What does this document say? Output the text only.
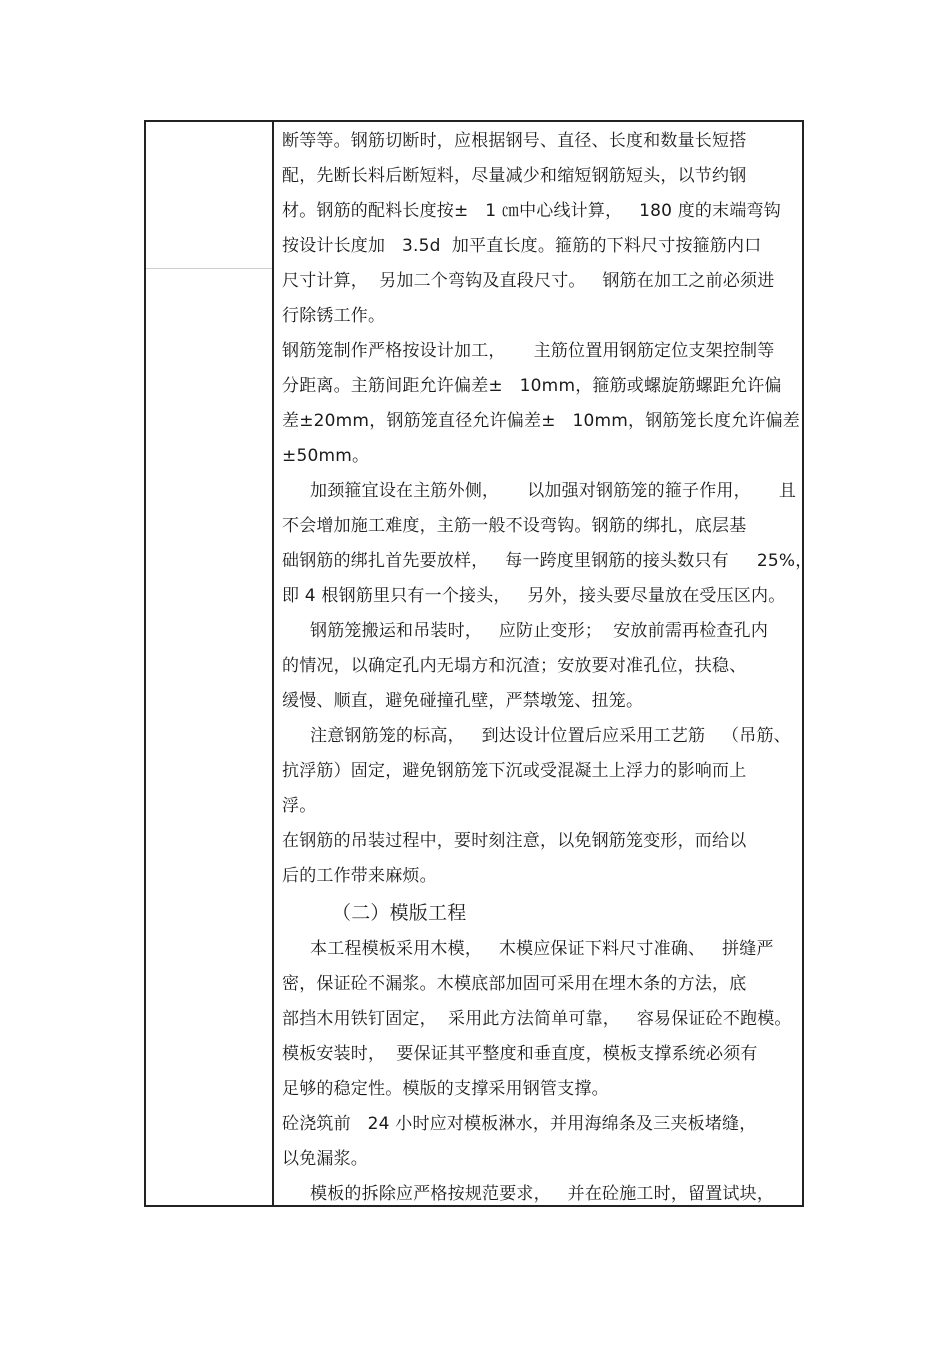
断等等。钢筋切断时，应根据钢号、直径、长度和数量长短搭
配，先断长料后断短料，尽量减少和缩短钢筋短头，以节约钢
材。钢筋的配料长度按±   1 ㎝中心线计算，   180 度的末端弯钩
按设计长度加   3.5d  加平直长度。箍筋的下料尺寸按箍筋内口
尺寸计算，  另加二个弯钩及直段尺寸。   钢筋在加工之前必须进
行除锈工作。
钢筋笼制作严格按设计加工，     主筋位置用钢筋定位支架控制等
分距离。主筋间距允许偏差±   10mm，箍筋或螺旋筋螺距允许偏
差±20mm，钢筋笼直径允许偏差±   10mm，钢筋笼长度允许偏差
±50mm。
加颈箍宜设在主筋外侧，     以加强对钢筋笼的箍子作用，     且
不会增加施工难度，主筋一般不设弯钩。钢筋的绑扎，底层基
础钢筋的绑扎首先要放样，   每一跨度里钢筋的接头数只有     25%，
即 4 根钢筋里只有一个接头，   另外，接头要尽量放在受压区内。
钢筋笼搬运和吊装时，   应防止变形；  安放前需再检查孔内
的情况，以确定孔内无塌方和沉渣；安放要对准孔位，扶稳、
缓慢、顺直，避免碰撞孔壁，严禁墩笼、扭笼。
注意钢筋笼的标高，   到达设计位置后应采用工艺筋   （吊筋、
抗浮筋）固定，避免钢筋笼下沉或受混凝土上浮力的影响而上
浮。
在钢筋的吊装过程中，要时刻注意，以免钢筋笼变形，而给以
后的工作带来麻烦。
（二）模版工程
本工程模板采用木模，   木模应保证下料尺寸准确、   拼缝严
密，保证砼不漏浆。木模底部加固可采用在埋木条的方法，底
部挡木用铁钉固定，  采用此方法简单可靠，   容易保证砼不跑模。
模板安装时，  要保证其平整度和垂直度，模板支撑系统必须有
足够的稳定性。模版的支撑采用钢管支撑。
砼浇筑前   24 小时应对模板淋水，并用海绵条及三夹板堵缝，
以免漏浆。
模板的拆除应严格按规范要求，   并在砼施工时，留置试块，
